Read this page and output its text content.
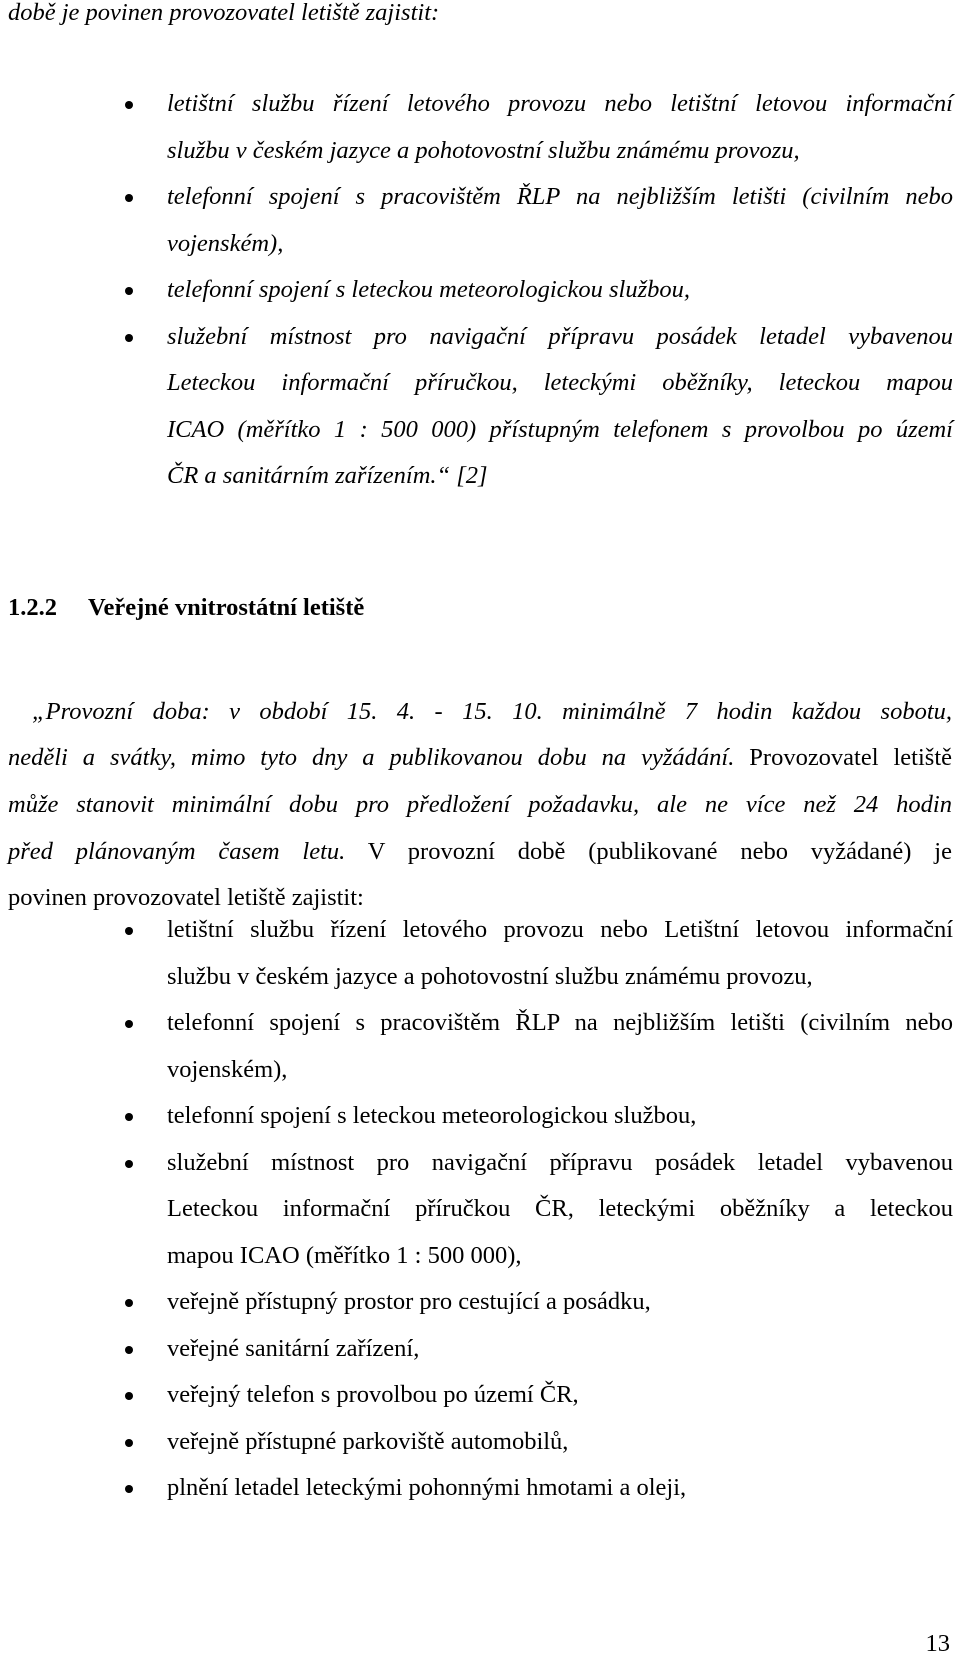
době je povinen provozovatel letiště zajistit:
letištní službu řízení letového provozu nebo letištní letovou informační
službu v českém jazyce a pohotovostní službu známému provozu,
telefonní spojení s pracovištěm ŘLP na nejbližším letišti (civilním nebo
vojenském),
telefonní spojení s leteckou meteorologickou službou,
služební místnost pro navigační přípravu posádek letadel vybavenou
Leteckou informační příručkou, leteckými oběžníky, leteckou mapou
ICAO (měřítko 1 : 500 000) přístupným telefonem s provolbou po území
ČR a sanitárním zařízením.“ [2]
1.2.2 Veřejné vnitrostátní letiště
„Provozní doba: v období 15. 4. - 15. 10. minimálně 7 hodin každou sobotu,
neděli a svátky, mimo tyto dny a publikovanou dobu na vyžádání. Provozovatel letiště
může stanovit minimální dobu pro předložení požadavku, ale ne více než 24 hodin
před plánovaným časem letu. V provozní době (publikované nebo vyžádané) je
povinen provozovatel letiště zajistit:
letištní službu řízení letového provozu nebo Letištní letovou informační
službu v českém jazyce a pohotovostní službu známému provozu,
telefonní spojení s pracovištěm ŘLP na nejbližším letišti (civilním nebo
vojenském),
telefonní spojení s leteckou meteorologickou službou,
služební místnost pro navigační přípravu posádek letadel vybavenou
Leteckou informační příručkou ČR, leteckými oběžníky a leteckou
mapou ICAO (měřítko 1 : 500 000),
veřejně přístupný prostor pro cestující a posádku,
veřejné sanitární zařízení,
veřejný telefon s provolbou po území ČR,
veřejně přístupné parkoviště automobilů,
plnění letadel leteckými pohonnými hmotami a oleji,
13
